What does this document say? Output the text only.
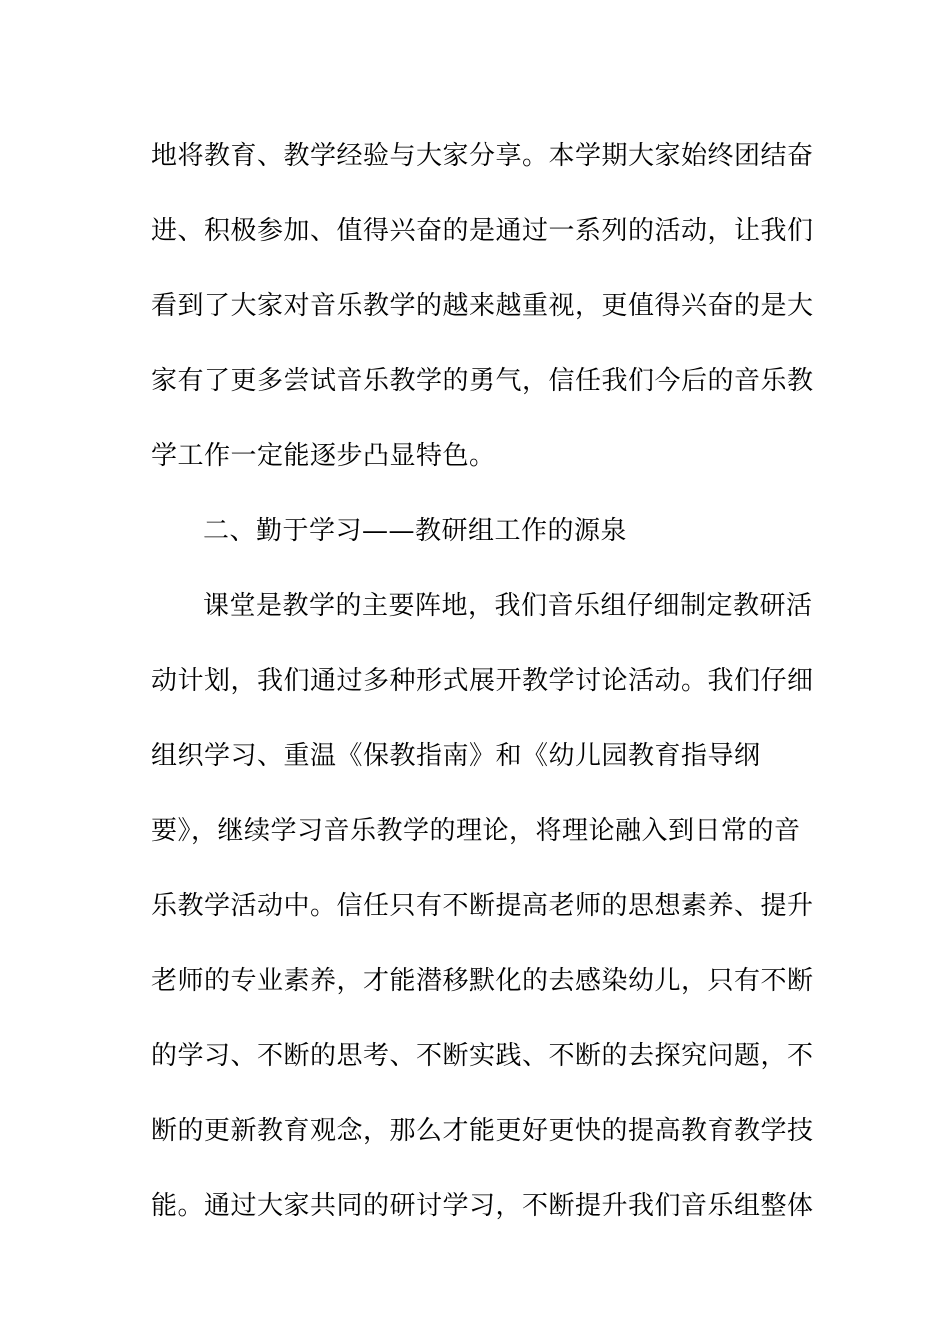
地将教育、教学经验与大家分享。本学期大家始终团结奋
进、积极参加、值得兴奋的是通过一系列的活动，让我们
看到了大家对音乐教学的越来越重视，更值得兴奋的是大
家有了更多尝试音乐教学的勇气，信任我们今后的音乐教
学工作一定能逐步凸显特色。
二、勤于学习——教研组工作的源泉
课堂是教学的主要阵地，我们音乐组仔细制定教研活
动计划，我们通过多种形式展开教学讨论活动。我们仔细
组织学习、重温《保教指南》和《幼儿园教育指导纲
要》，继续学习音乐教学的理论，将理论融入到日常的音
乐教学活动中。信任只有不断提高老师的思想素养、提升
老师的专业素养，才能潜移默化的去感染幼儿，只有不断
的学习、不断的思考、不断实践、不断的去探究问题，不
断的更新教育观念，那么才能更好更快的提高教育教学技
能。通过大家共同的研讨学习，不断提升我们音乐组整体
